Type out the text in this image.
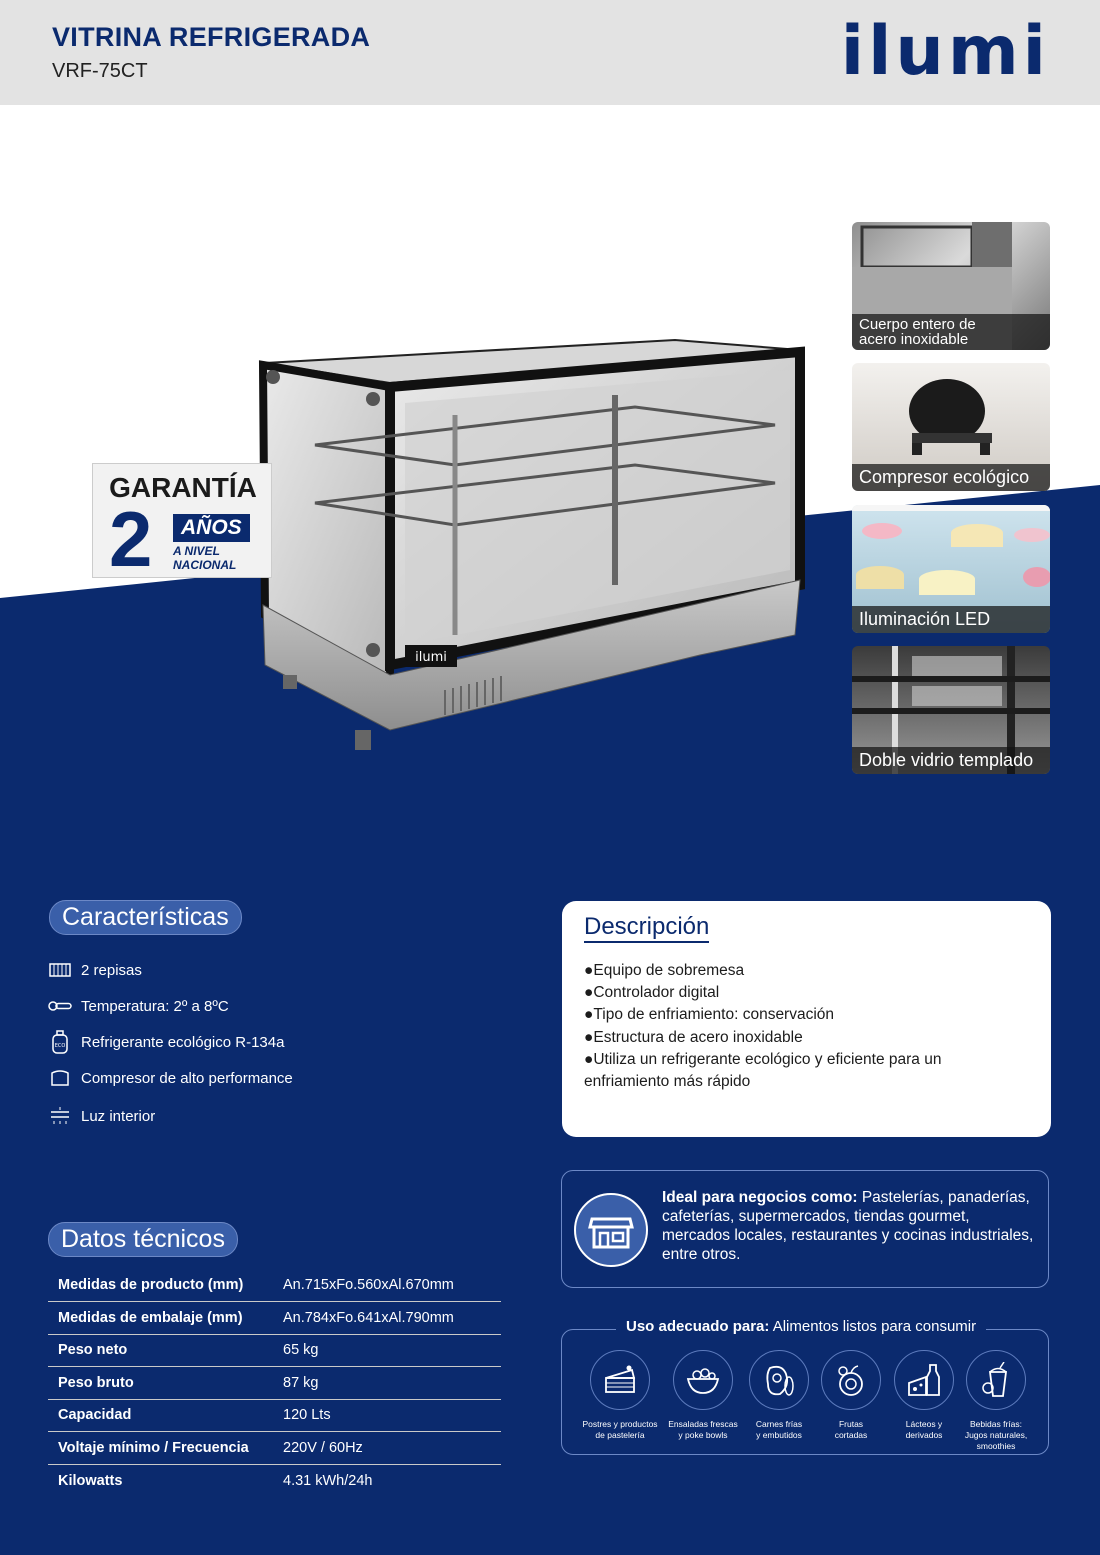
VITRINA REFRIGERADA
VRF-75CT	ilumi
ilumi
GARANTÍA
2	AÑOS
A NIVEL
NACIONAL
Cuerpo entero de
acero inoxidable
Compresor ecológico
Iluminación LED
Doble vidrio templado
Características
2 repisas
Temperatura: 2º a 8ºC
ECO Refrigerante ecológico R-134a
Compresor de alto performance
Luz interior
Descripción
●Equipo de sobremesa
●Controlador digital
●Tipo de enfriamiento: conservación
●Estructura de acero inoxidable
●Utiliza un refrigerante ecológico y eficiente para un
enfriamiento más rápido
Ideal para negocios como: Pastelerías, panaderías, cafeterías, supermercados, tiendas gourmet, mercados locales, restaurantes y cocinas industriales, entre otros.
Datos técnicos
Medidas de producto (mm)	An.715xFo.560xAl.670mm
Medidas de embalaje (mm)	An.784xFo.641xAl.790mm
Peso neto	65 kg
Peso bruto	87 kg
Capacidad	120 Lts
Voltaje mínimo / Frecuencia	220V / 60Hz
Kilowatts	4.31 kWh/24h
Uso adecuado para: Alimentos listos para consumir
Postres y productos
de pastelería
Ensaladas frescas
y poke bowls
Carnes frías
y embutidos
Frutas
cortadas
Lácteos y
derivados
Bebidas frías:
Jugos naturales,
smoothies
